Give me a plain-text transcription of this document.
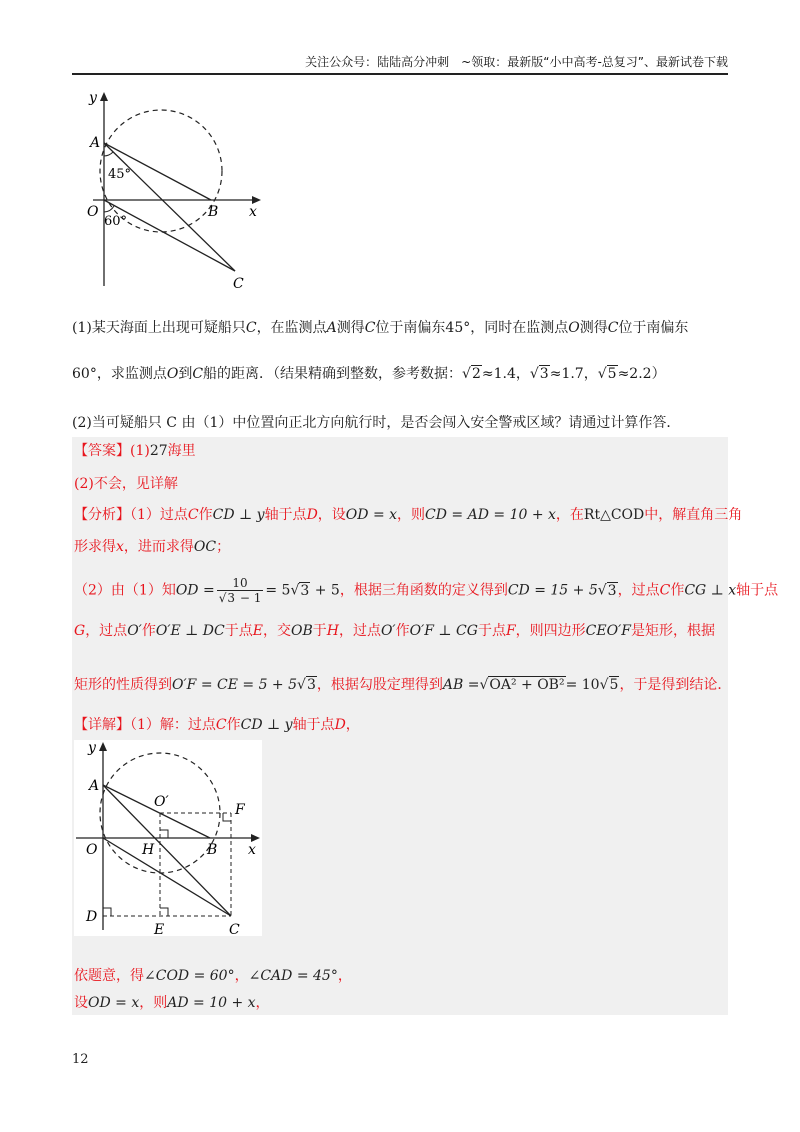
关注公众号：陆陆高分冲刺　~领取：最新版“小中高考-总复习”、最新试卷下载
y
A
45°
O
60°
B x
C
(1)某天海面上出现可疑船只C，在监测点A测得C位于南偏东45°，同时在监测点O测得C位于南偏东
60°，求监测点O到C船的距离．（结果精确到整数，参考数据：√2≈1.4，√3≈1.7，√5≈2.2）
(2)当可疑船只 C 由（1）中位置向正北方向航行时，是否会闯入安全警戒区域？请通过计算作答．
【答案】(1)27海里
(2)不会，见详解
【分析】（1）过点C作CD ⊥ y轴于点D，设OD = x，则CD = AD = 10 + x，在Rt△COD中，解直角三角
形求得x，进而求得OC；
（2）由（1）知OD = $\frac{10}{√3 - 1} = 5√3 + 5$，根据三角函数的定义得到CD = 15 + 5√3，过点C作CG ⊥ x轴于点
G，过点O′作O′E ⊥ DC于点E，交OB于H，过点O′作O′F ⊥ CG于点F，则四边形CEO′F是矩形，根据
矩形的性质得到O′F = CE = 5 + 5√3，根据勾股定理得到AB =√OA² + OB²= 10√5，于是得到结论．
【详解】（1）解：过点C作CD ⊥ y轴于点D，
y
A
O′	F
O	H	B x
D
E	C
依题意，得∠COD = 60°，∠CAD = 45°，
设OD = x，则AD = 10 + x，
12
